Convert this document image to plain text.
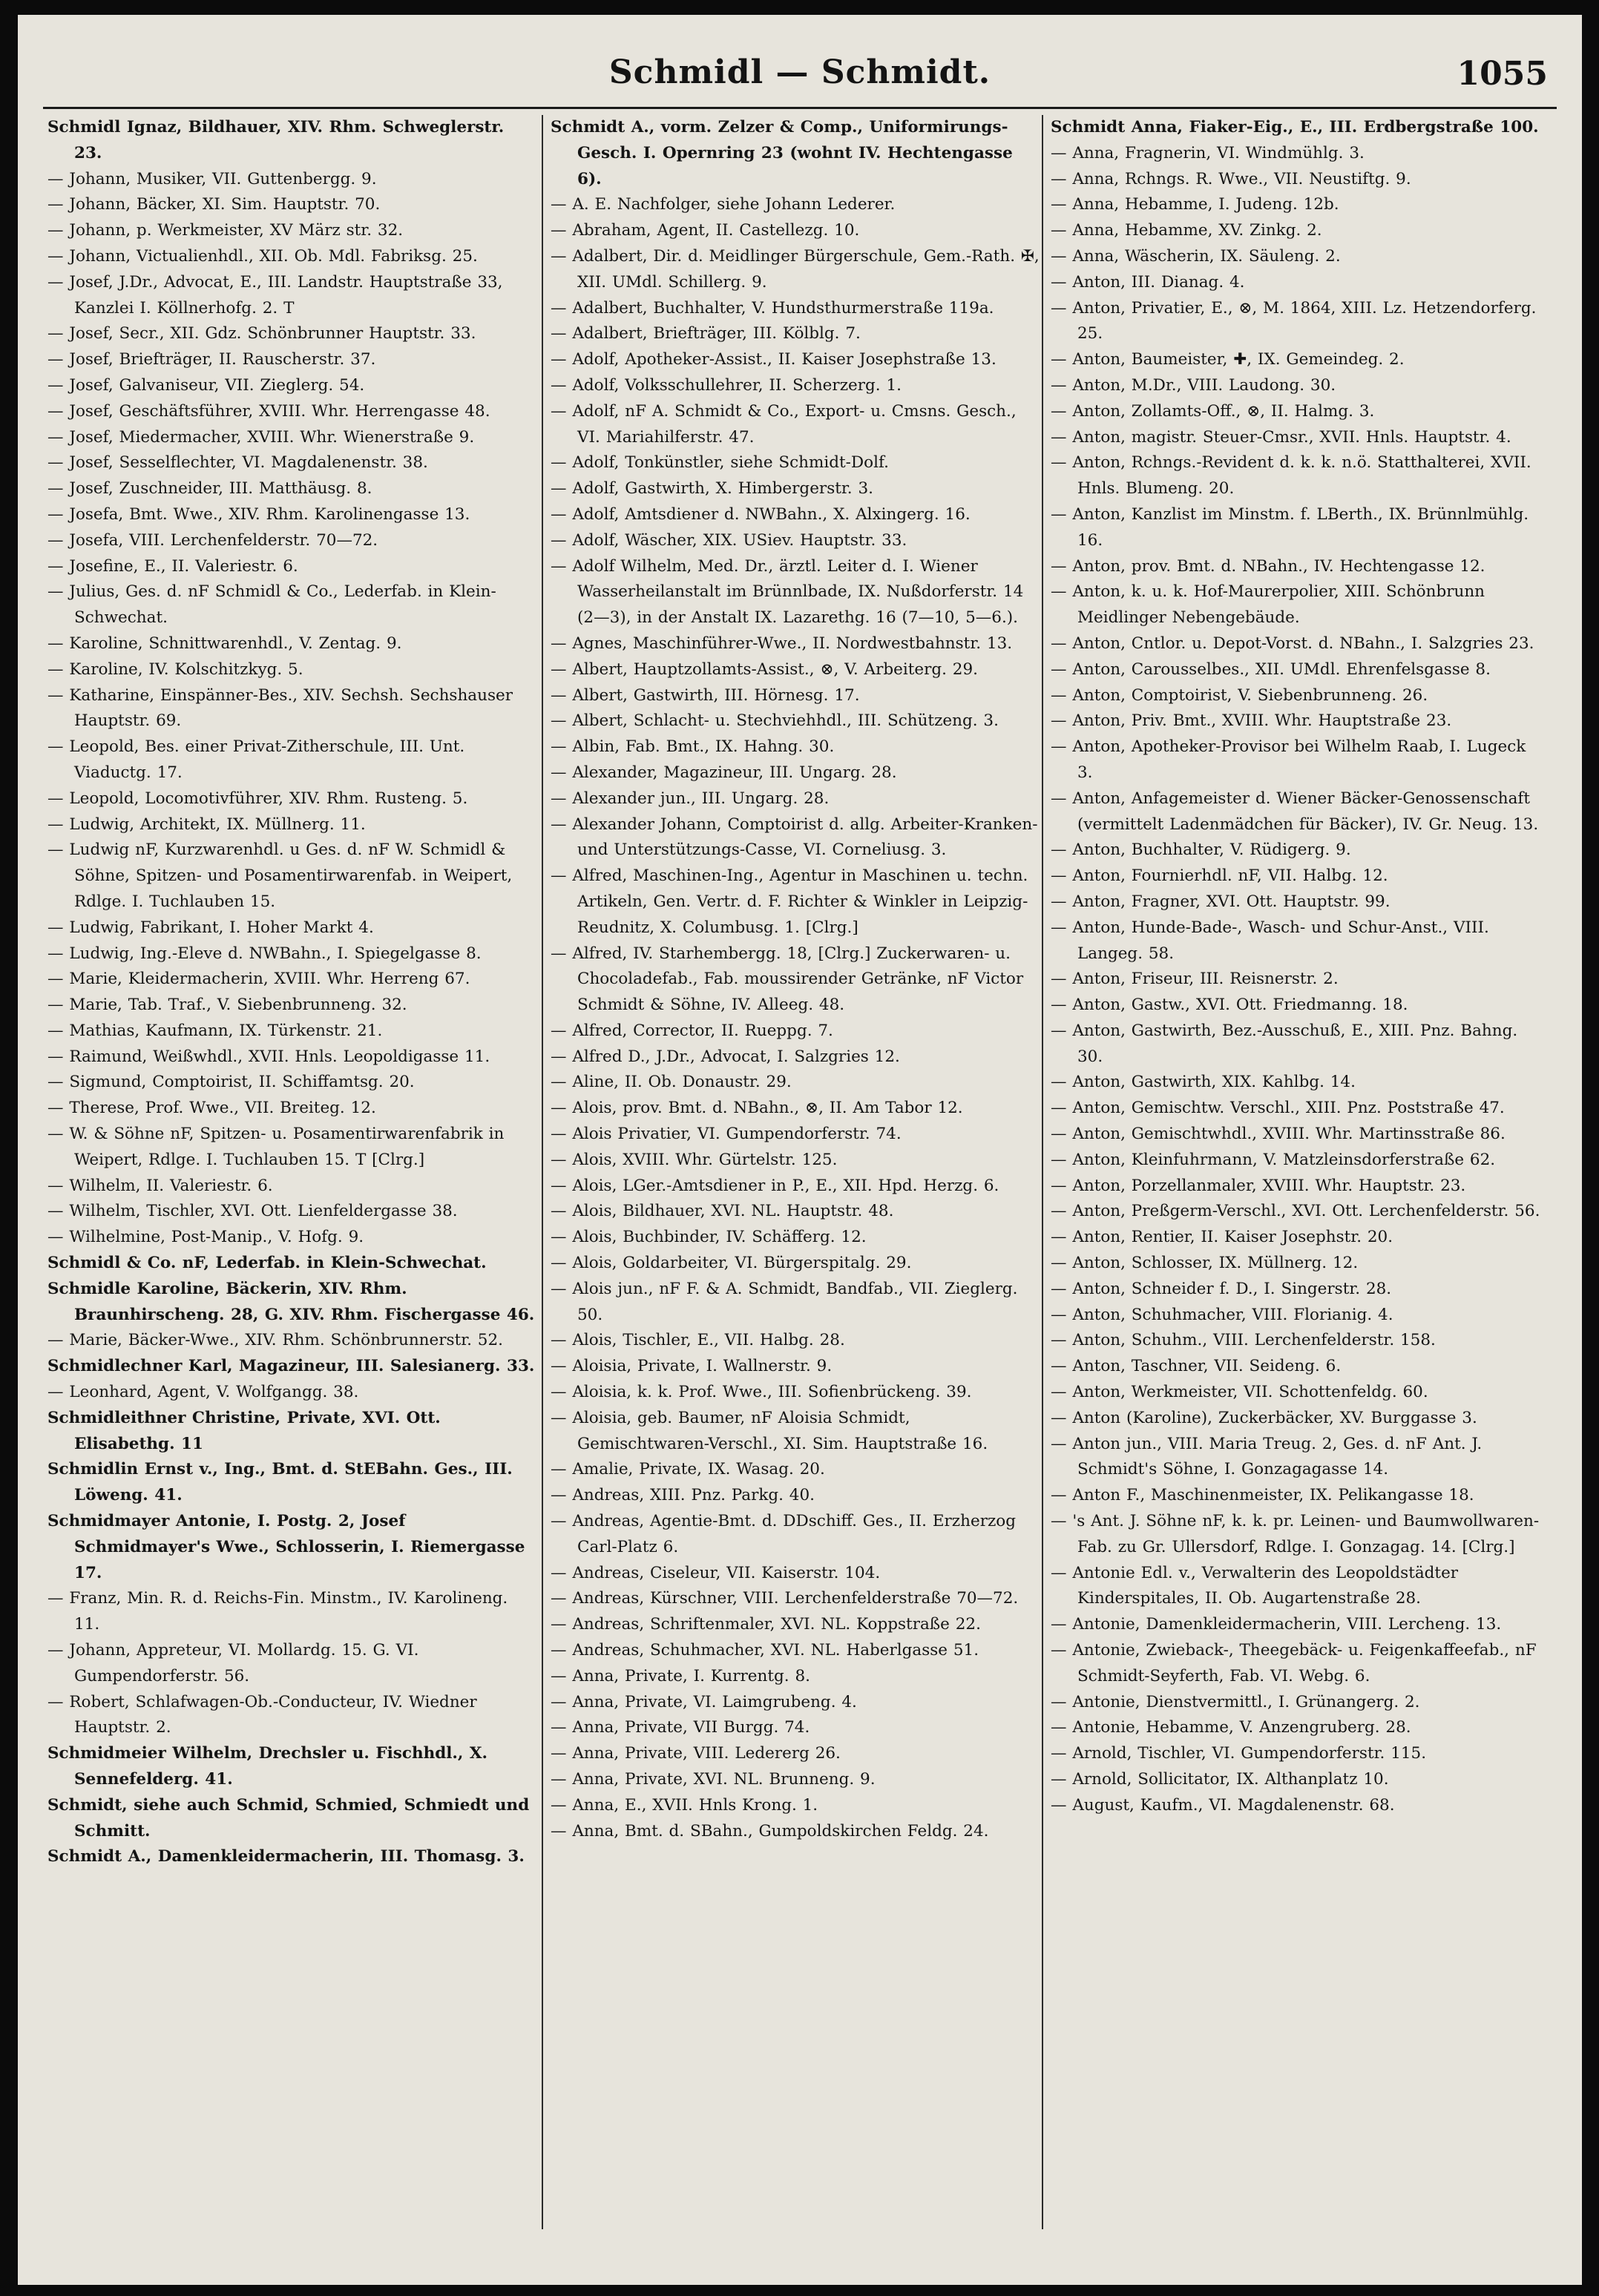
Schmidl — Schmidt.	1055
Schmidl Ignaz, Bildhauer, XIV. Rhm. Schweglerstr. 23.
— Johann, Musiker, VII. Guttenbergg. 9.
— Johann, Bäcker, XI. Sim. Hauptstr. 70.
— Johann, p. Werkmeister, XV März str. 32.
— Johann, Victualienhdl., XII. Ob. Mdl. Fabriksg. 25.
— Josef, J.Dr., Advocat, E., III. Landstr. Hauptstraße 33, Kanzlei I. Köllnerhofg. 2. T
— Josef, Secr., XII. Gdz. Schönbrunner Hauptstr. 33.
— Josef, Briefträger, II. Rauscherstr. 37.
— Josef, Galvaniseur, VII. Zieglerg. 54.
— Josef, Geschäftsführer, XVIII. Whr. Herrengasse 48.
— Josef, Miedermacher, XVIII. Whr. Wienerstraße 9.
— Josef, Sesselflechter, VI. Magdalenenstr. 38.
— Josef, Zuschneider, III. Matthäusg. 8.
— Josefa, Bmt. Wwe., XIV. Rhm. Karolinengasse 13.
— Josefa, VIII. Lerchenfelderstr. 70—72.
— Josefine, E., II. Valeriestr. 6.
— Julius, Ges. d. nF Schmidl & Co., Lederfab. in Klein-Schwechat.
— Karoline, Schnittwarenhdl., V. Zentag. 9.
— Karoline, IV. Kolschitzkyg. 5.
— Katharine, Einspänner-Bes., XIV. Sechsh. Sechshauser Hauptstr. 69.
— Leopold, Bes. einer Privat-Zitherschule, III. Unt. Viaductg. 17.
— Leopold, Locomotivführer, XIV. Rhm. Rusteng. 5.
— Ludwig, Architekt, IX. Müllnerg. 11.
— Ludwig nF, Kurzwarenhdl. u Ges. d. nF W. Schmidl & Söhne, Spitzen- und Posamentirwarenfab. in Weipert, Rdlge. I. Tuchlauben 15.
— Ludwig, Fabrikant, I. Hoher Markt 4.
— Ludwig, Ing.-Eleve d. NWBahn., I. Spiegelgasse 8.
— Marie, Kleidermacherin, XVIII. Whr. Herreng 67.
— Marie, Tab. Traf., V. Siebenbrunneng. 32.
— Mathias, Kaufmann, IX. Türkenstr. 21.
— Raimund, Weißwhdl., XVII. Hnls. Leopoldigasse 11.
— Sigmund, Comptoirist, II. Schiffamtsg. 20.
— Therese, Prof. Wwe., VII. Breiteg. 12.
— W. & Söhne nF, Spitzen- u. Posamentirwarenfabrik in Weipert, Rdlge. I. Tuchlauben 15. T [Clrg.]
— Wilhelm, II. Valeriestr. 6.
— Wilhelm, Tischler, XVI. Ott. Lienfeldergasse 38.
— Wilhelmine, Post-Manip., V. Hofg. 9.
Schmidl & Co. nF, Lederfab. in Klein-Schwechat.
Schmidle Karoline, Bäckerin, XIV. Rhm. Braunhirscheng. 28, G. XIV. Rhm. Fischergasse 46.
— Marie, Bäcker-Wwe., XIV. Rhm. Schönbrunnerstr. 52.
Schmidlechner Karl, Magazineur, III. Salesianerg. 33.
— Leonhard, Agent, V. Wolfgangg. 38.
Schmidleithner Christine, Private, XVI. Ott. Elisabethg. 11
Schmidlin Ernst v., Ing., Bmt. d. StEBahn. Ges., III. Löweng. 41.
Schmidmayer Antonie, I. Postg. 2, Josef Schmidmayer's Wwe., Schlosserin, I. Riemergasse 17.
— Franz, Min. R. d. Reichs-Fin. Minstm., IV. Karolineng. 11.
— Johann, Appreteur, VI. Mollardg. 15. G. VI. Gumpendorferstr. 56.
— Robert, Schlafwagen-Ob.-Conducteur, IV. Wiedner Hauptstr. 2.
Schmidmeier Wilhelm, Drechsler u. Fischhdl., X. Sennefelderg. 41.
Schmidt, siehe auch Schmid, Schmied, Schmiedt und Schmitt.
Schmidt A., Damenkleidermacherin, III. Thomasg. 3.
Schmidt A., vorm. Zelzer & Comp., Uniformirungs-Gesch. I. Opernring 23 (wohnt IV. Hechtengasse 6).
— A. E. Nachfolger, siehe Johann Lederer.
— Abraham, Agent, II. Castellezg. 10.
— Adalbert, Dir. d. Meidlinger Bürgerschule, Gem.-Rath. ✠, XII. UMdl. Schillerg. 9.
— Adalbert, Buchhalter, V. Hundsthurmerstraße 119a.
— Adalbert, Briefträger, III. Kölblg. 7.
— Adolf, Apotheker-Assist., II. Kaiser Josephstraße 13.
— Adolf, Volksschullehrer, II. Scherzerg. 1.
— Adolf, nF A. Schmidt & Co., Export- u. Cmsns. Gesch., VI. Mariahilferstr. 47.
— Adolf, Tonkünstler, siehe Schmidt-Dolf.
— Adolf, Gastwirth, X. Himbergerstr. 3.
— Adolf, Amtsdiener d. NWBahn., X. Alxingerg. 16.
— Adolf, Wäscher, XIX. USiev. Hauptstr. 33.
— Adolf Wilhelm, Med. Dr., ärztl. Leiter d. I. Wiener Wasserheilanstalt im Brünnlbade, IX. Nußdorferstr. 14 (2—3), in der Anstalt IX. Lazarethg. 16 (7—10, 5—6.).
— Agnes, Maschinführer-Wwe., II. Nordwestbahnstr. 13.
— Albert, Hauptzollamts-Assist., ⊗, V. Arbeiterg. 29.
— Albert, Gastwirth, III. Hörnesg. 17.
— Albert, Schlacht- u. Stechviehhdl., III. Schützeng. 3.
— Albin, Fab. Bmt., IX. Hahng. 30.
— Alexander, Magazineur, III. Ungarg. 28.
— Alexander jun., III. Ungarg. 28.
— Alexander Johann, Comptoirist d. allg. Arbeiter-Kranken- und Unterstützungs-Casse, VI. Corneliusg. 3.
— Alfred, Maschinen-Ing., Agentur in Maschinen u. techn. Artikeln, Gen. Vertr. d. F. Richter & Winkler in Leipzig-Reudnitz, X. Columbusg. 1. [Clrg.]
— Alfred, IV. Starhembergg. 18, [Clrg.] Zuckerwaren- u. Chocoladefab., Fab. moussirender Getränke, nF Victor Schmidt & Söhne, IV. Alleeg. 48.
— Alfred, Corrector, II. Rueppg. 7.
— Alfred D., J.Dr., Advocat, I. Salzgries 12.
— Aline, II. Ob. Donaustr. 29.
— Alois, prov. Bmt. d. NBahn., ⊗, II. Am Tabor 12.
— Alois Privatier, VI. Gumpendorferstr. 74.
— Alois, XVIII. Whr. Gürtelstr. 125.
— Alois, LGer.-Amtsdiener in P., E., XII. Hpd. Herzg. 6.
— Alois, Bildhauer, XVI. NL. Hauptstr. 48.
— Alois, Buchbinder, IV. Schäfferg. 12.
— Alois, Goldarbeiter, VI. Bürgerspitalg. 29.
— Alois jun., nF F. & A. Schmidt, Bandfab., VII. Zieglerg. 50.
— Alois, Tischler, E., VII. Halbg. 28.
— Aloisia, Private, I. Wallnerstr. 9.
— Aloisia, k. k. Prof. Wwe., III. Sofienbrückeng. 39.
— Aloisia, geb. Baumer, nF Aloisia Schmidt, Gemischtwaren-Verschl., XI. Sim. Hauptstraße 16.
— Amalie, Private, IX. Wasag. 20.
— Andreas, XIII. Pnz. Parkg. 40.
— Andreas, Agentie-Bmt. d. DDschiff. Ges., II. Erzherzog Carl-Platz 6.
— Andreas, Ciseleur, VII. Kaiserstr. 104.
— Andreas, Kürschner, VIII. Lerchenfelderstraße 70—72.
— Andreas, Schriftenmaler, XVI. NL. Koppstraße 22.
— Andreas, Schuhmacher, XVI. NL. Haberlgasse 51.
— Anna, Private, I. Kurrentg. 8.
— Anna, Private, VI. Laimgrubeng. 4.
— Anna, Private, VII Burgg. 74.
— Anna, Private, VIII. Ledererg 26.
— Anna, Private, XVI. NL. Brunneng. 9.
— Anna, E., XVII. Hnls Krong. 1.
— Anna, Bmt. d. SBahn., Gumpoldskirchen Feldg. 24.
Schmidt Anna, Fiaker-Eig., E., III. Erdbergstraße 100.
— Anna, Fragnerin, VI. Windmühlg. 3.
— Anna, Rchngs. R. Wwe., VII. Neustiftg. 9.
— Anna, Hebamme, I. Judeng. 12b.
— Anna, Hebamme, XV. Zinkg. 2.
— Anna, Wäscherin, IX. Säuleng. 2.
— Anton, III. Dianag. 4.
— Anton, Privatier, E., ⊗, M. 1864, XIII. Lz. Hetzendorferg. 25.
— Anton, Baumeister, ✚, IX. Gemeindeg. 2.
— Anton, M.Dr., VIII. Laudong. 30.
— Anton, Zollamts-Off., ⊗, II. Halmg. 3.
— Anton, magistr. Steuer-Cmsr., XVII. Hnls. Hauptstr. 4.
— Anton, Rchngs.-Revident d. k. k. n.ö. Statthalterei, XVII. Hnls. Blumeng. 20.
— Anton, Kanzlist im Minstm. f. LBerth., IX. Brünnlmühlg. 16.
— Anton, prov. Bmt. d. NBahn., IV. Hechtengasse 12.
— Anton, k. u. k. Hof-Maurerpolier, XIII. Schönbrunn Meidlinger Nebengebäude.
— Anton, Cntlor. u. Depot-Vorst. d. NBahn., I. Salzgries 23.
— Anton, Carousselbes., XII. UMdl. Ehrenfelsgasse 8.
— Anton, Comptoirist, V. Siebenbrunneng. 26.
— Anton, Priv. Bmt., XVIII. Whr. Hauptstraße 23.
— Anton, Apotheker-Provisor bei Wilhelm Raab, I. Lugeck 3.
— Anton, Anfagemeister d. Wiener Bäcker-Genossenschaft (vermittelt Ladenmädchen für Bäcker), IV. Gr. Neug. 13.
— Anton, Buchhalter, V. Rüdigerg. 9.
— Anton, Fournierhdl. nF, VII. Halbg. 12.
— Anton, Fragner, XVI. Ott. Hauptstr. 99.
— Anton, Hunde-Bade-, Wasch- und Schur-Anst., VIII. Langeg. 58.
— Anton, Friseur, III. Reisnerstr. 2.
— Anton, Gastw., XVI. Ott. Friedmanng. 18.
— Anton, Gastwirth, Bez.-Ausschuß, E., XIII. Pnz. Bahng. 30.
— Anton, Gastwirth, XIX. Kahlbg. 14.
— Anton, Gemischtw. Verschl., XIII. Pnz. Poststraße 47.
— Anton, Gemischtwhdl., XVIII. Whr. Martinsstraße 86.
— Anton, Kleinfuhrmann, V. Matzleinsdorferstraße 62.
— Anton, Porzellanmaler, XVIII. Whr. Hauptstr. 23.
— Anton, Preßgerm-Verschl., XVI. Ott. Lerchenfelderstr. 56.
— Anton, Rentier, II. Kaiser Josephstr. 20.
— Anton, Schlosser, IX. Müllnerg. 12.
— Anton, Schneider f. D., I. Singerstr. 28.
— Anton, Schuhmacher, VIII. Florianig. 4.
— Anton, Schuhm., VIII. Lerchenfelderstr. 158.
— Anton, Taschner, VII. Seideng. 6.
— Anton, Werkmeister, VII. Schottenfeldg. 60.
— Anton (Karoline), Zuckerbäcker, XV. Burggasse 3.
— Anton jun., VIII. Maria Treug. 2, Ges. d. nF Ant. J. Schmidt's Söhne, I. Gonzagagasse 14.
— Anton F., Maschinenmeister, IX. Pelikangasse 18.
— 's Ant. J. Söhne nF, k. k. pr. Leinen- und Baumwollwaren-Fab. zu Gr. Ullersdorf, Rdlge. I. Gonzagag. 14. [Clrg.]
— Antonie Edl. v., Verwalterin des Leopoldstädter Kinderspitales, II. Ob. Augartenstraße 28.
— Antonie, Damenkleidermacherin, VIII. Lercheng. 13.
— Antonie, Zwieback-, Theegebäck- u. Feigenkaffeefab., nF Schmidt-Seyferth, Fab. VI. Webg. 6.
— Antonie, Dienstvermittl., I. Grünangerg. 2.
— Antonie, Hebamme, V. Anzengruberg. 28.
— Arnold, Tischler, VI. Gumpendorferstr. 115.
— Arnold, Sollicitator, IX. Althanplatz 10.
— August, Kaufm., VI. Magdalenenstr. 68.
